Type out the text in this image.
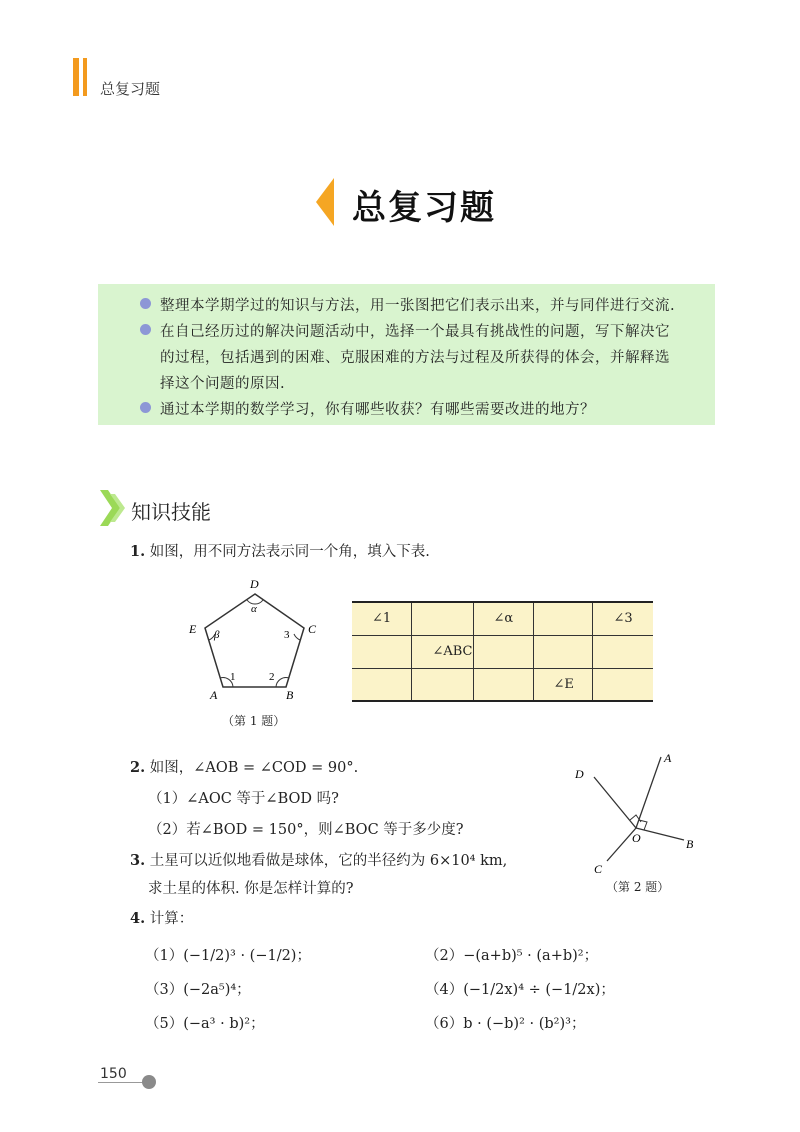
总复习题
总复习题
整理本学期学过的知识与方法，用一张图把它们表示出来，并与同伴进行交流.
在自己经历过的解决问题活动中，选择一个最具有挑战性的问题，写下解决它
的过程，包括遇到的困难、克服困难的方法与过程及所获得的体会，并解释选
择这个问题的原因.
通过本学期的数学学习，你有哪些收获？有哪些需要改进的地方？
知识技能
1. 如图，用不同方法表示同一个角，填入下表.
D
E	C
A	B
α
β	3
1	2
（第 1 题）
∠1		∠α		∠3
	∠ABC			
			∠E	
2. 如图，∠AOB = ∠COD = 90°.
（1）∠AOC 等于∠BOD 吗?
（2）若∠BOD = 150°，则∠BOC 等于多少度?
A
D
B
C
O
（第 2 题）
3. 土星可以近似地看做是球体，它的半径约为 6×10⁴ km,
求土星的体积. 你是怎样计算的?
4. 计算：
（1）(−1/2)³ · (−1/2)；	（2）−(a+b)⁵ · (a+b)²；
（3）(−2a⁵)⁴；	（4）(−1/2x)⁴ ÷ (−1/2x)；
（5）(−a³ · b)²；	（6）b · (−b)² · (b²)³；
150
